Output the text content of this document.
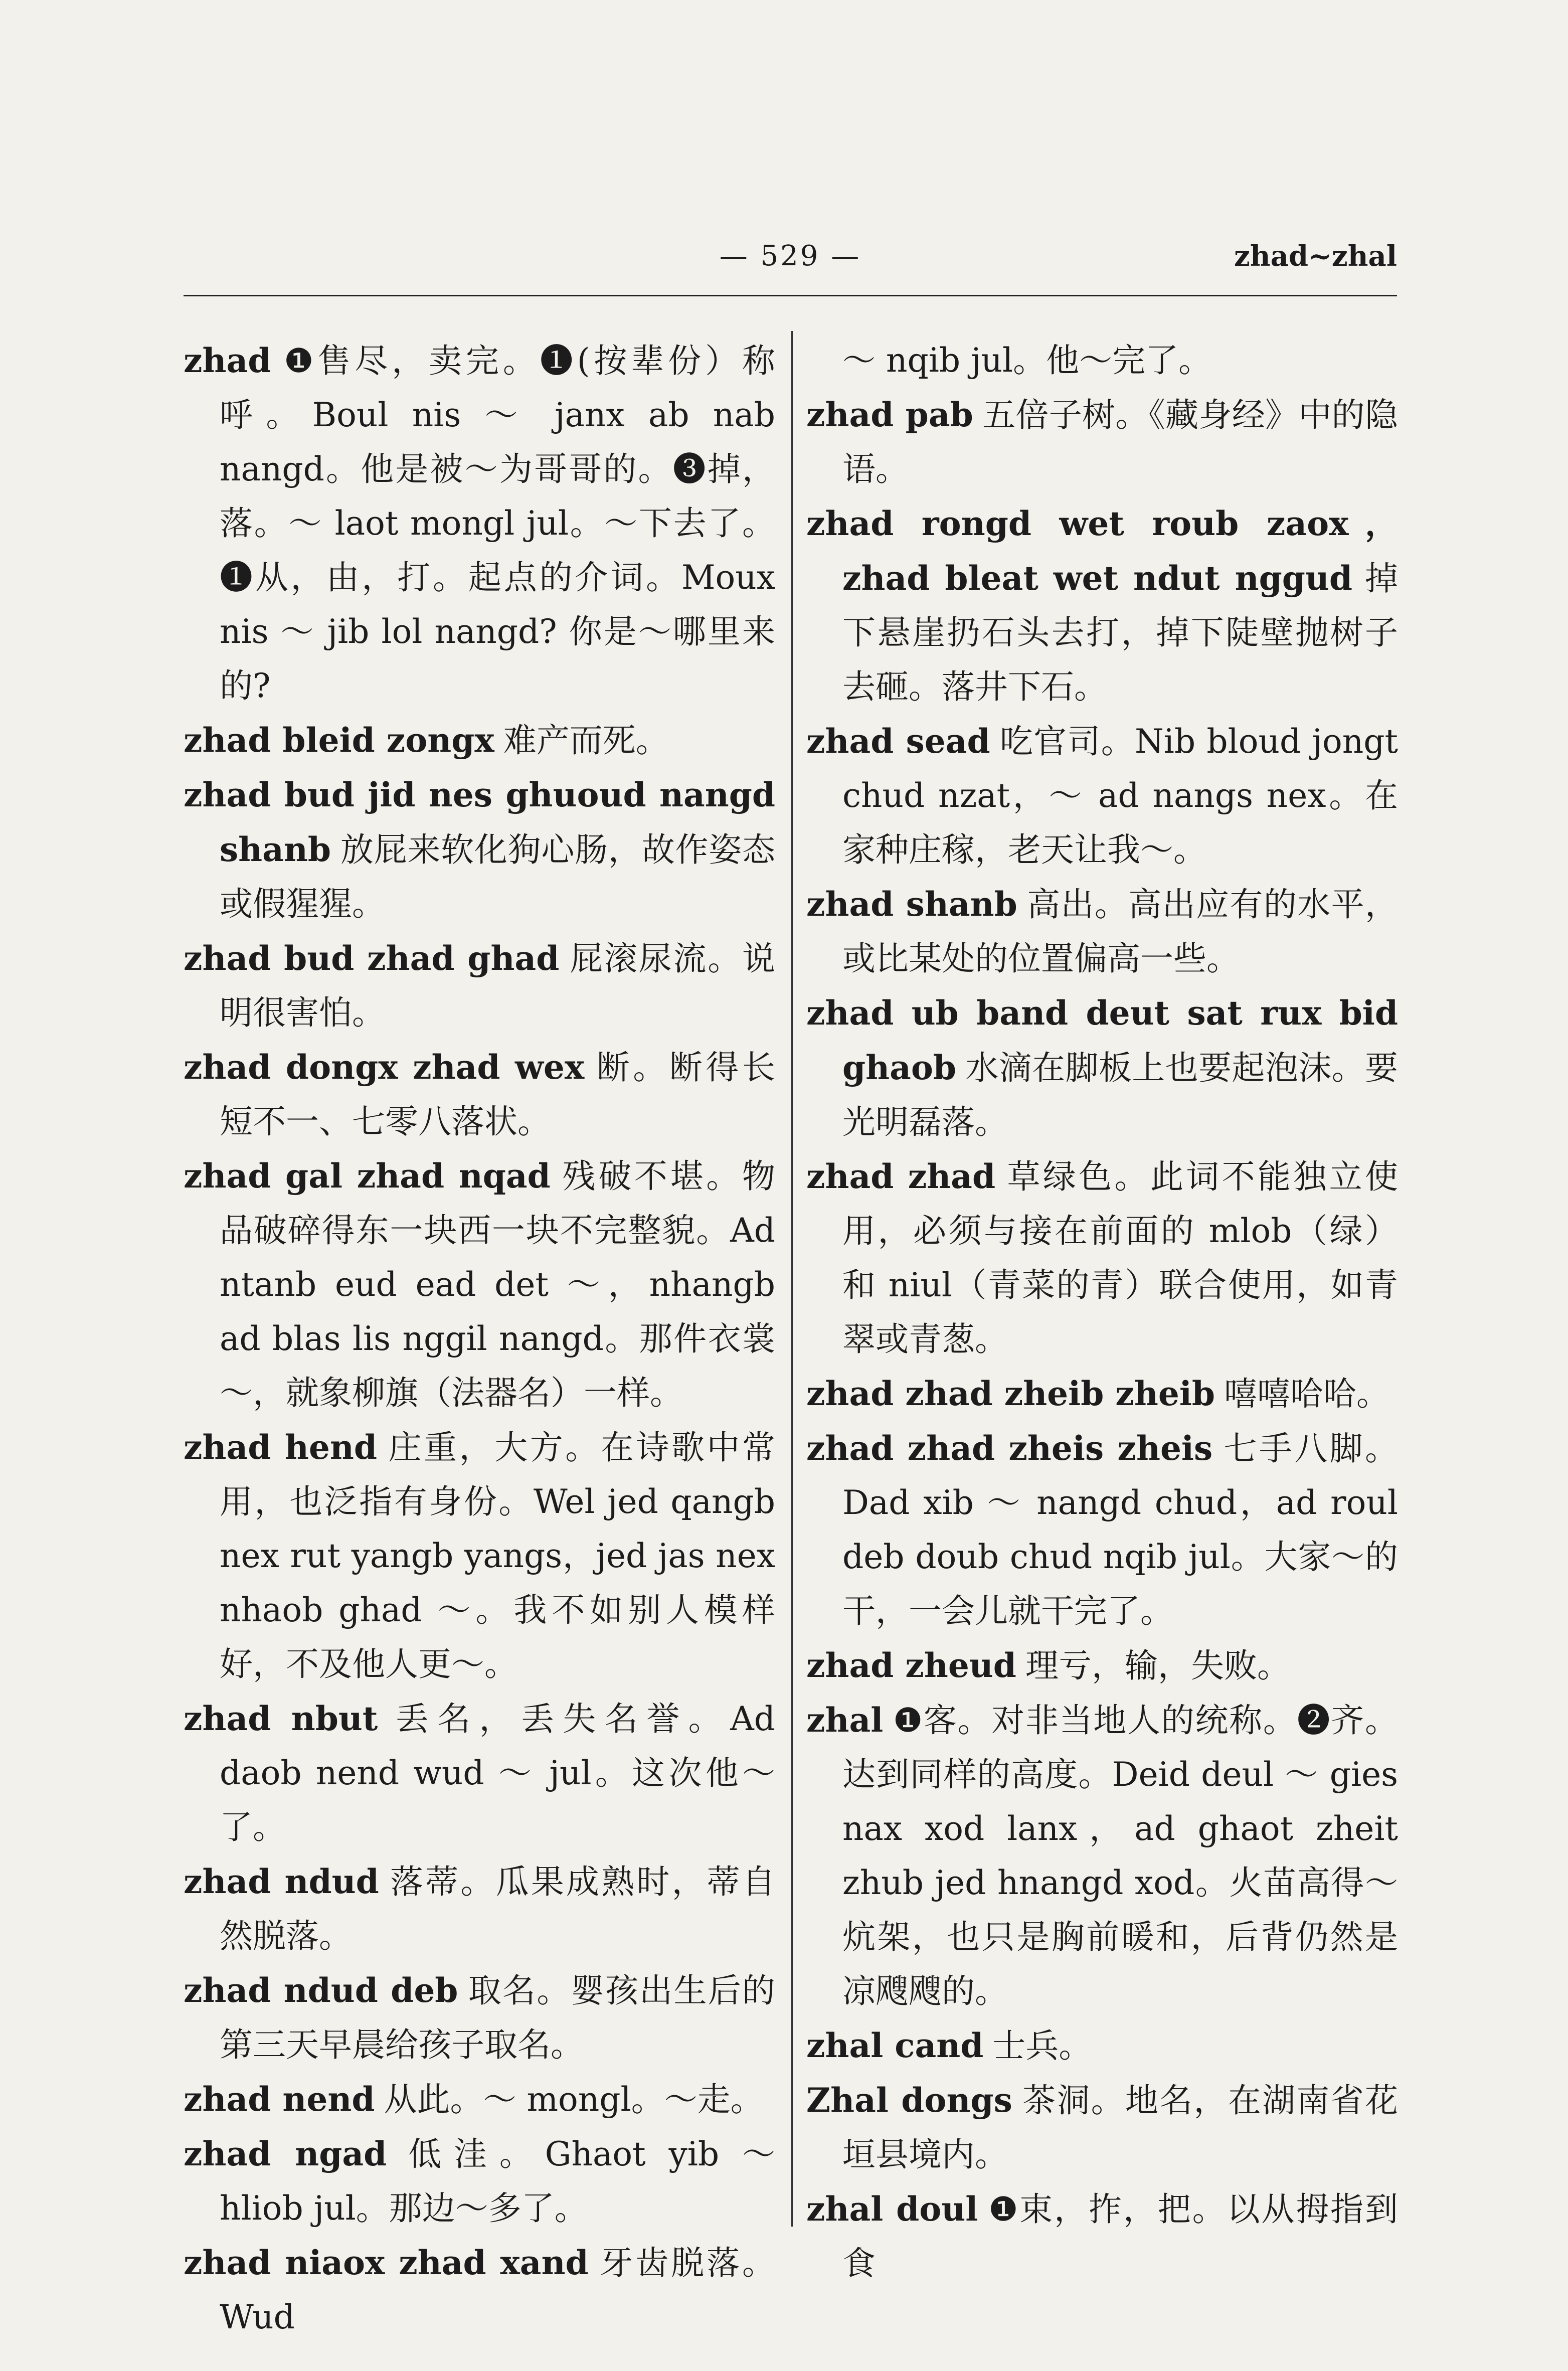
— 529 —	zhad~zhal

zhad ❶售尽，卖完。❶(按辈份）称呼。Boul nis ～ janx ab nab nangd。他是被～为哥哥的。❸掉，落。～ laot mongl jul。～下去了。❶从，由，打。起点的介词。Moux nis ～ jib lol nangd? 你是～哪里来的?

zhad bleid zongx 难产而死。

zhad bud jid nes ghuoud nangd shanb 放屁来软化狗心肠，故作姿态或假猩猩。

zhad bud zhad ghad 屁滚尿流。说明很害怕。

zhad dongx zhad wex 断。断得长短不一、七零八落状。

zhad gal zhad nqad 残破不堪。物品破碎得东一块西一块不完整貌。Ad ntanb eud ead det ～，nhangb ad blas lis nggil nangd。那件衣裳～，就象柳旗（法器名）一样。

zhad hend 庄重，大方。在诗歌中常用，也泛指有身份。Wel jed qangb nex rut yangb yangs，jed jas nex nhaob ghad ～。我不如别人模样好，不及他人更～。

zhad nbut 丢名，丢失名誉。Ad daob nend wud ～ jul。这次他～了。

zhad ndud 落蒂。瓜果成熟时，蒂自然脱落。

zhad ndud deb 取名。婴孩出生后的第三天早晨给孩子取名。

zhad nend 从此。～ mongl。～走。

zhad ngad 低洼。Ghaot yib ～ hliob jul。那边～多了。

zhad niaox zhad xand 牙齿脱落。Wud

～ nqib jul。他～完了。

zhad pab 五倍子树。《藏身经》中的隐语。

zhad rongd wet roub zaox，zhad bleat wet ndut nggud 掉下悬崖扔石头去打，掉下陡壁抛树子去砸。落井下石。

zhad sead 吃官司。Nib bloud jongt chud nzat，～ ad nangs nex。在家种庄稼，老天让我～。

zhad shanb 高出。高出应有的水平，或比某处的位置偏高一些。

zhad ub band deut sat rux bid ghaob 水滴在脚板上也要起泡沫。要光明磊落。

zhad zhad 草绿色。此词不能独立使用，必须与接在前面的 mlob（绿）和 niul（青菜的青）联合使用，如青翠或青葱。

zhad zhad zheib zheib 嘻嘻哈哈。

zhad zhad zheis zheis 七手八脚。Dad xib ～ nangd chud，ad roul deb doub chud nqib jul。大家～的干，一会儿就干完了。

zhad zheud 理亏，输，失败。

zhal ❶客。对非当地人的统称。❷齐。达到同样的高度。Deid deul ～ gies nax xod lanx，ad ghaot zheit zhub jed hnangd xod。火苗高得～炕架，也只是胸前暖和，后背仍然是凉飕飕的。

zhal cand 士兵。

Zhal dongs 茶洞。地名，在湖南省花垣县境内。

zhal doul ❶束，拃，把。以从拇指到食
